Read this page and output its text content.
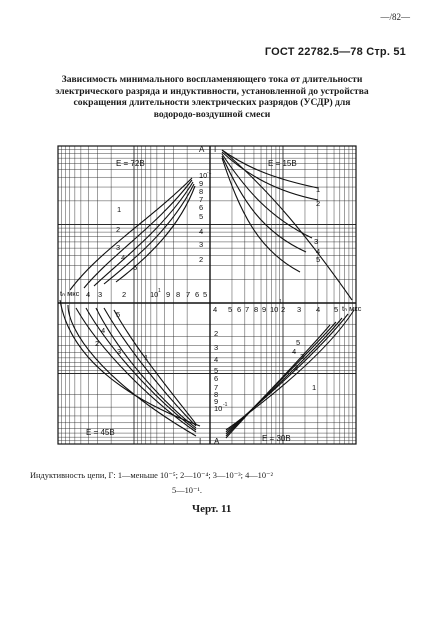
—/82—
ГОСТ 22782.5—78 Стр. 51
Зависимость минимального воспламеняющего тока от длительности
электрического разряда и индуктивности, установленной до устройства
сокращения длительности электрических разрядов (УСДР) для
водородо-воздушной смеси
10
9
8
7
6
5
4
3
2
-1
2
3
4
5
6
7
8
9
10 -1
А I
I А
4 3	2	10 9 8 7 6 5
1
4 5 6 7 8 9 10 2 3 4 5
1
tₙ мкс
tₙ мкс
E = 72В	E = 15В
E = 45В
E = 30В
1
2
3
4
5
1
2
3
4
5
5
4
2
3
1
5
4
3
2
1
Индуктивность цепи, Г: 1—меньше 10⁻⁵; 2—10⁻⁴; 3—10⁻³; 4—10⁻²
5—10⁻¹.
Черт. 11
